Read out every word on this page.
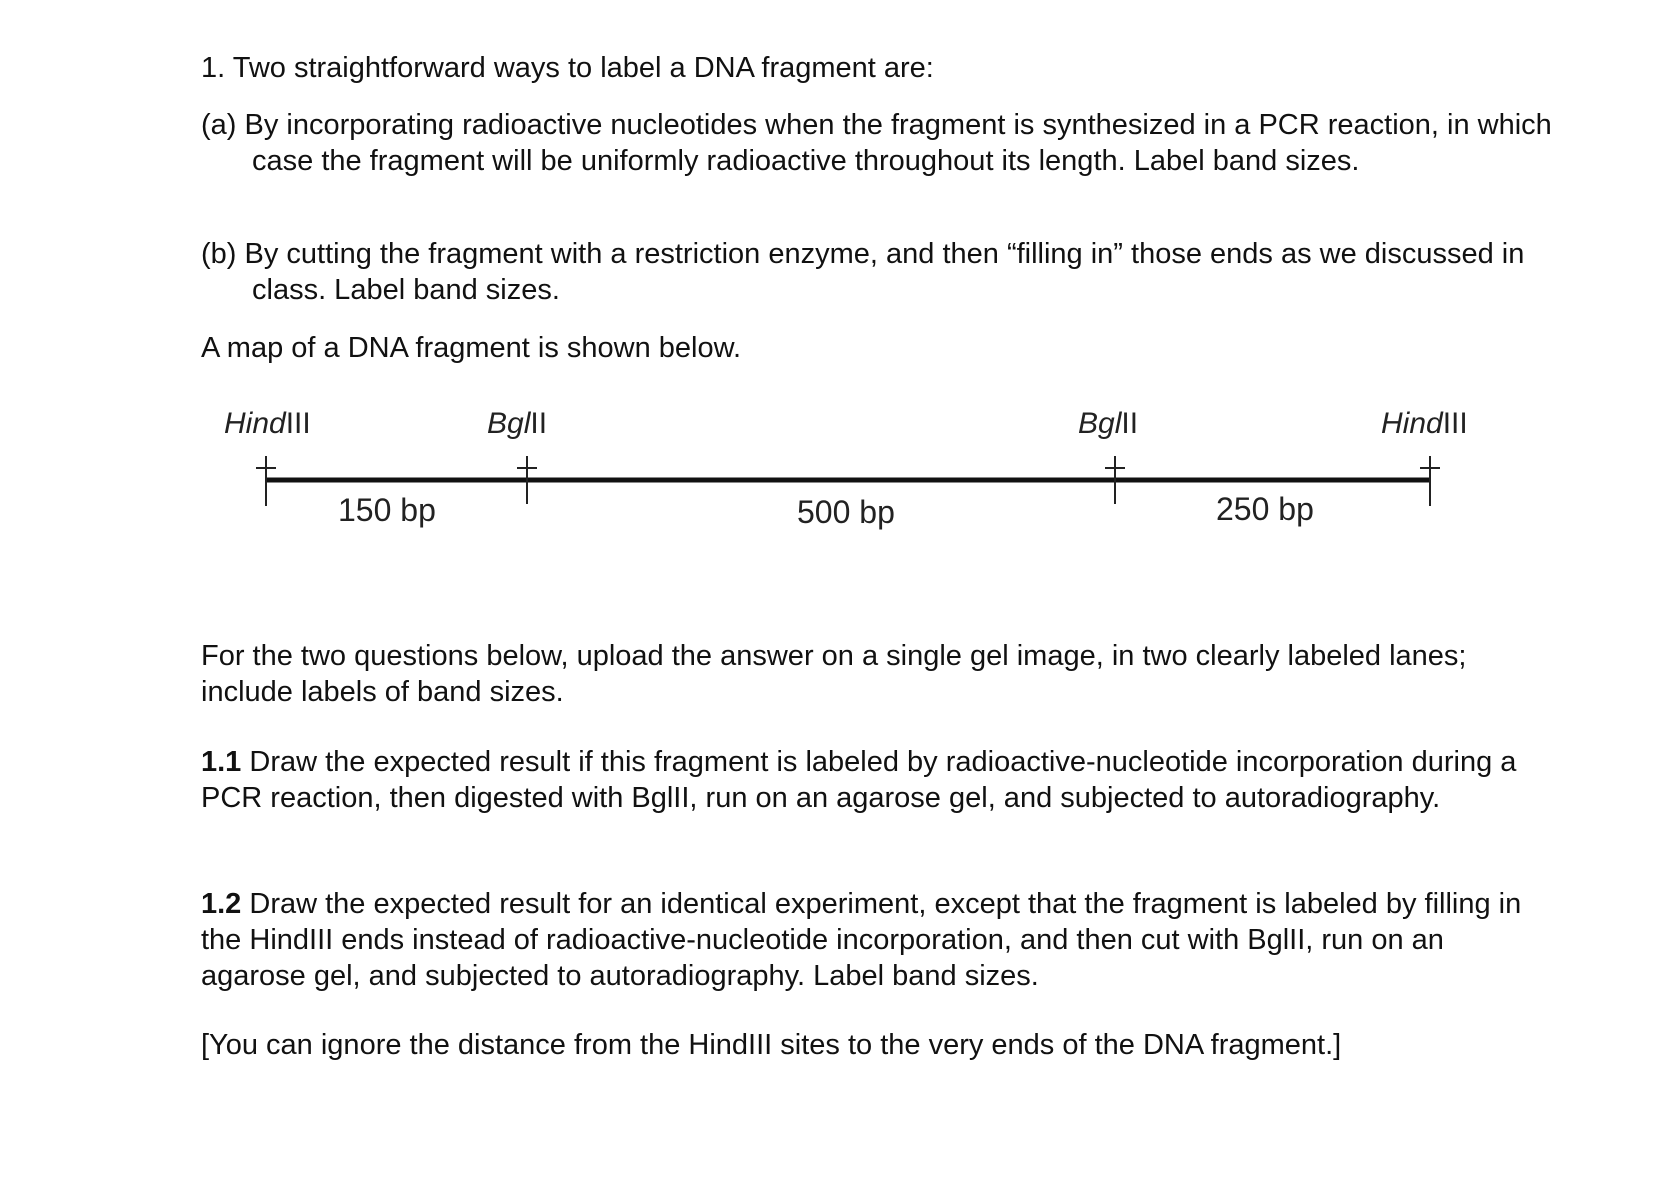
1. Two straightforward ways to label a DNA fragment are:
(a) By incorporating radioactive nucleotides when the fragment is synthesized in a PCR reaction, in which case the fragment will be uniformly radioactive throughout its length. Label band sizes.
(b) By cutting the fragment with a restriction enzyme, and then “filling in” those ends as we discussed in class. Label band sizes.
A map of a DNA fragment is shown below.
HindIII	BglII	BglII	HindIII
150 bp	500 bp	250 bp
For the two questions below, upload the answer on a single gel image, in two clearly labeled lanes; include labels of band sizes.
1.1 Draw the expected result if this fragment is labeled by radioactive-nucleotide incorporation during a PCR reaction, then digested with BglII, run on an agarose gel, and subjected to autoradiography.
1.2 Draw the expected result for an identical experiment, except that the fragment is labeled by filling in the HindIII ends instead of radioactive-nucleotide incorporation, and then cut with BglII, run on an agarose gel, and subjected to autoradiography. Label band sizes.
[You can ignore the distance from the HindIII sites to the very ends of the DNA fragment.]
